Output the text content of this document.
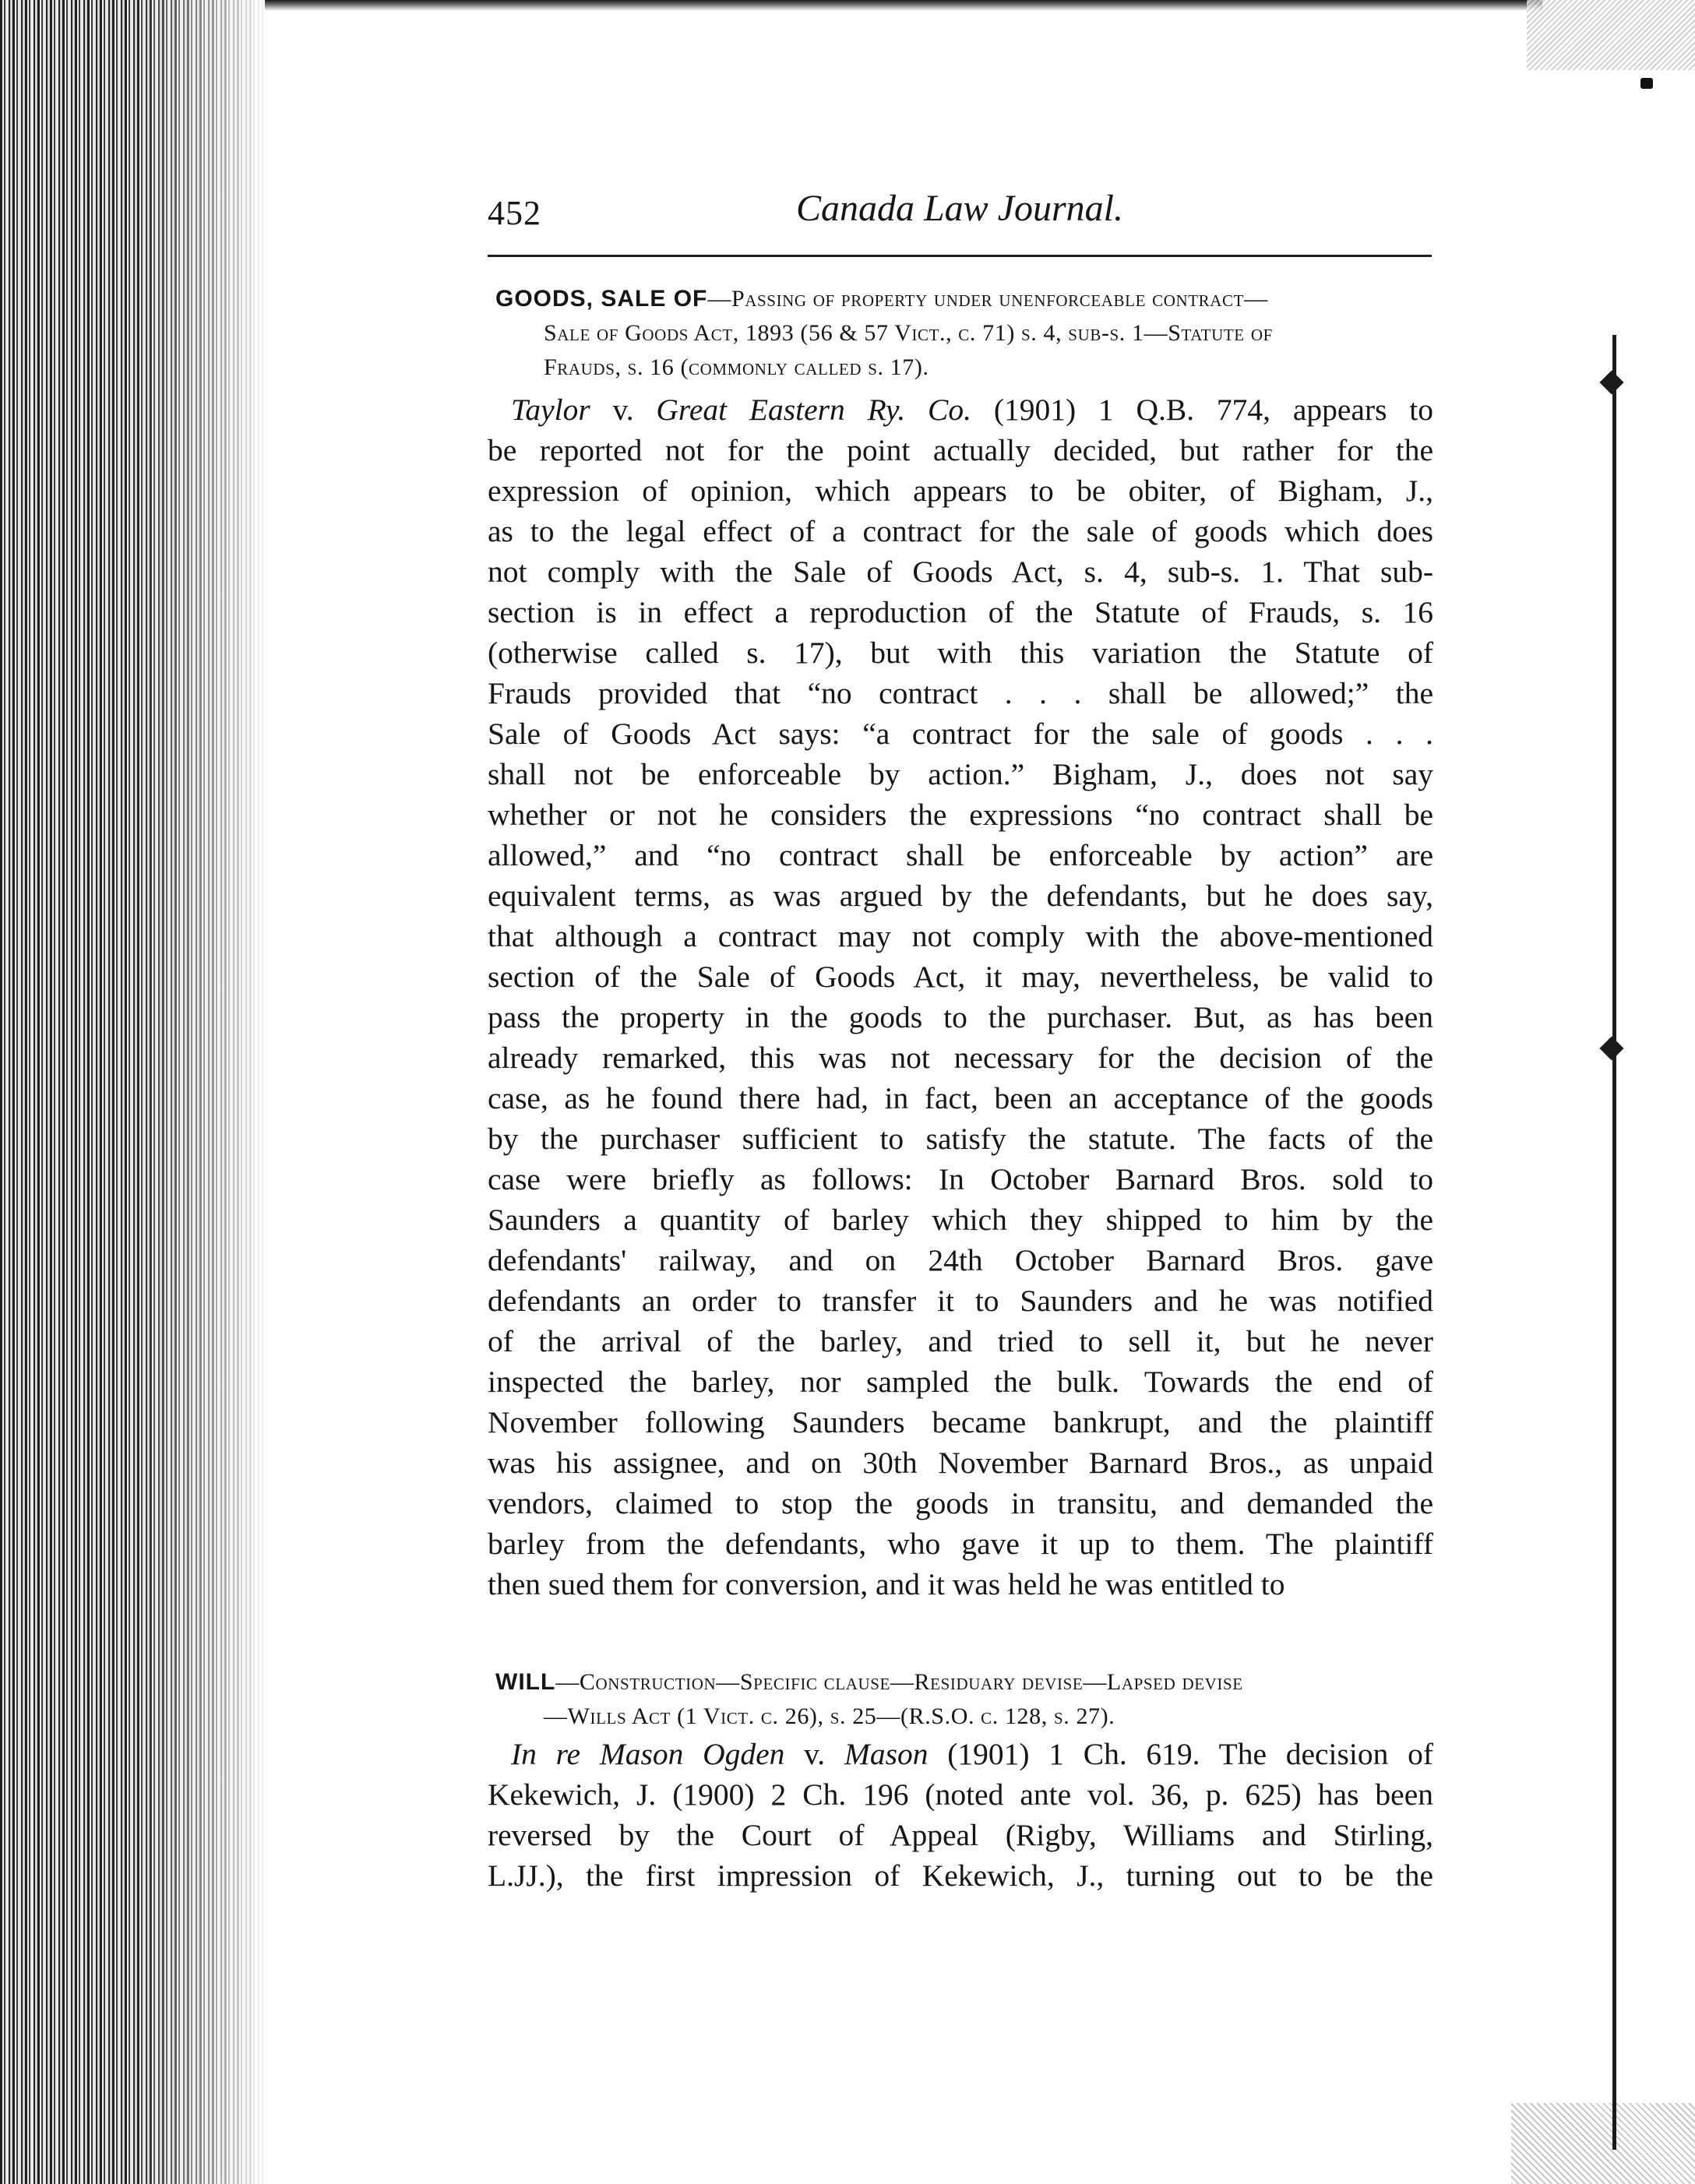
452	Canada Law Journal.
GOODS, SALE OF—Passing of property under unenforceable contract—
Sale of Goods Act, 1893 (56 & 57 Vict., c. 71) s. 4, sub-s. 1—Statute of
Frauds, s. 16 (commonly called s. 17).
Taylor v. Great Eastern Ry. Co. (1901) 1 Q.B. 774, appears to
be reported not for the point actually decided, but rather for the
expression of opinion, which appears to be obiter, of Bigham, J.,
as to the legal effect of a contract for the sale of goods which does
not comply with the Sale of Goods Act, s. 4, sub-s. 1. That sub-
section is in effect a reproduction of the Statute of Frauds, s. 16
(otherwise called s. 17), but with this variation the Statute of
Frauds provided that “no contract . . . shall be allowed;” the
Sale of Goods Act says: “a contract for the sale of goods . . .
shall not be enforceable by action.” Bigham, J., does not say
whether or not he considers the expressions “no contract shall be
allowed,” and “no contract shall be enforceable by action” are
equivalent terms, as was argued by the defendants, but he does say,
that although a contract may not comply with the above-mentioned
section of the Sale of Goods Act, it may, nevertheless, be valid to
pass the property in the goods to the purchaser. But, as has been
already remarked, this was not necessary for the decision of the
case, as he found there had, in fact, been an acceptance of the goods
by the purchaser sufficient to satisfy the statute. The facts of the
case were briefly as follows: In October Barnard Bros. sold to
Saunders a quantity of barley which they shipped to him by the
defendants' railway, and on 24th October Barnard Bros. gave
defendants an order to transfer it to Saunders and he was notified
of the arrival of the barley, and tried to sell it, but he never
inspected the barley, nor sampled the bulk. Towards the end of
November following Saunders became bankrupt, and the plaintiff
was his assignee, and on 30th November Barnard Bros., as unpaid
vendors, claimed to stop the goods in transitu, and demanded the
barley from the defendants, who gave it up to them. The plaintiff
then sued them for conversion, and it was held he was entitled to
WILL—Construction—Specific clause—Residuary devise—Lapsed devise
—Wills Act (1 Vict. c. 26), s. 25—(R.S.O. c. 128, s. 27).
In re Mason Ogden v. Mason (1901) 1 Ch. 619. The decision of
Kekewich, J. (1900) 2 Ch. 196 (noted ante vol. 36, p. 625) has been
reversed by the Court of Appeal (Rigby, Williams and Stirling,
L.JJ.), the first impression of Kekewich, J., turning out to be the
